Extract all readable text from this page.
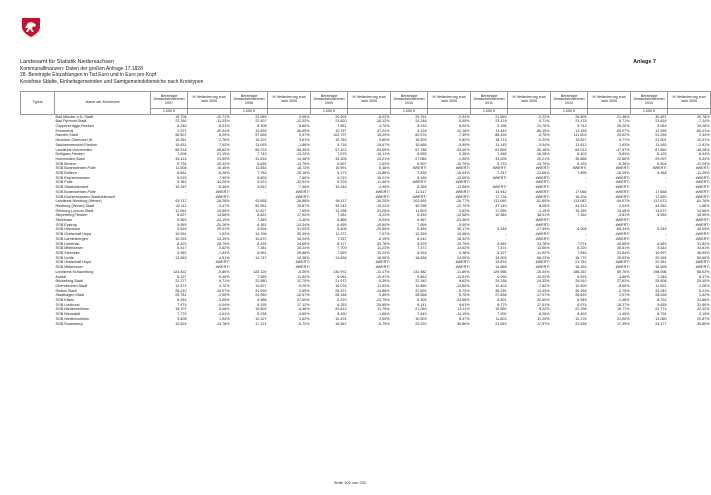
Anlage 7
Landesamt für Statistik Niedersachsen
Kommunalfinanzen: Daten der großen Anfrage 17.1828
28. Bereinigte Einzahlungen in Tsd Euro und in Euro pro Kopf
Kreisfreie Städte, Einheitsgemeinden und Samtgemeindebereiche nach Kreistypen
Typus	Name der Kommune	Bereinigte Gesamteinnahmen 2007	% Veränderung zum Jahr 2000	Bereinigte Gesamteinnahmen 2008	% Veränderung zum Jahr 2000	Bereinigte Gesamteinnahmen 2009	% Veränderung zum Jahr 2000	Bereinigte Gesamteinnahmen 2010	% Veränderung zum Jahr 2000	Bereinigte Gesamteinnahmen 2011	% Veränderung zum Jahr 2000	Bereinigte Gesamteinnahmen 2012	% Veränderung zum Jahr 2000	Bereinigte Gesamteinnahmen 2013	% Veränderung zum Jahr 2000
		1.000 €		1.000 €		1.000 €		1.000 €		1.000 €		1.000 €		1.000 €	
	Bad Münder a.D.,Stadt	19.706	-10,71%	22.089	0,06%	20.902	-8,02%	20.761	-3,34%	21.560	-2,22%	26.809	21,46%	30.487	40,78%
	Bad Pyrmont,Stadt	22.780	-11,23%	22.507	-12,33%	21.820	-18,12%	24.248	-5,55%	23.178	-9,71%	23.179	-9,71%	23.839	-7,14%
	Coppenbrügge,Flecken	8.246	8,51%	8.308	8,80%	7.961	4,70%	8.210	8,04%	9.196	21,75%	9.742	28,20%	9.064	19,28%
	Emmerthal	2.972	40,94%	10.835	46,99%	10.757	47,22%	9.128	-12,18%	11.440	-65,15%	13.155	-60,07%	12.996	-60,41%
	Hameln,Stadt	96.507	8,29%	97.696	9,57%	102.797	15,29%	82.576	-7,39%	88.494	-0,75%	111.603	25,52%	91.255	2,34%
	Hessisch Oldendorf,St.	19.261	2,76%	19.207	3,61%	19.783	5,80%	18.909	0,82%	18.713	-0,22%	19.837	5,77%	21.901	12,01%
	Salzhemmendorf,Flecken	10.831	7,53%	11.093	-1,86%	9.716	-15,47%	10.868	-5,99%	11.145	-3,04%	11.612	1,63%	11.160	-2,91%
	Landkreis Holzminden	56.518	-56,82%	55.374	-55,35%	57.422	-53,69%	57.786	-53,40%	61.804	-50,16%	65.013	-47,57%	67.860	-45,28%
	Delligsen,Flecken	7.606	21,15%	7.743	-13,22%	7.575	-15,11%	8.955	0,36%	7.468	-16,08%	8.403	-5,83%	8.125	-8,94%
	Holzminden,Stadt	34.414	24,59%	31.616	14,46%	34.306	24,21%	27.084	-1,95%	33.005	20,21%	35.888	22,66%	29.097	5,34%
	SGB Bevern	5.734	-10,32%	5.635	-11,79%	6.507	1,63%	5.907	-10,70%	5.733	-13,70%	6.193	-6,36%	5.804	-12,25%
	SGB Bodenwerder-Polle	11.508	15,45%	11.854	18,73%	10.991	8,38%	#WERT!	#WERT!	#WERT!	#WERT!	#WERT!	#WERT!	#WERT!	#WERT!
	SGB Boffzen	8.651	-6,26%	7.783	-15,16%	8.173	-13,86%	7.835	-16,93%	7.247	-23,06%	7.896	-16,19%	8.368	-11,25%
	SGB Eschershausen	5.975	7,90%	5.826	7,60%	6.213	15,21%	6.185	-13,59%	#WERT!	#WERT!	-	#WERT!	-	#WERT!
	SGB Polle	5.382	44,25%	4.973	-32,92%	5.378	-11,90%	#WERT!	#WERT!	-	#WERT!	-	#WERT!	-	#WERT!
	SGB Stadtoldendorf	10.187	-5,36%	9.812	-7,36%	10.346	-3,95%	8.365	-13,98%	#WERT!	#WERT!	-	#WERT!	-	#WERT!
	SGB Bodenwerder-Polle	-	#WERT!	-	#WERT!	-	#WERT!	11.617	#WERT!	14.942	#WERT!	17.066	#WERT!	17.668	#WERT!
	SGB Eschershausen-Stadtoldendorf	-	#WERT!	-	#WERT!	-	#WERT!	#WERT!	#WERT!	17.726	#WERT!	16.204	#WERT!	17.590	#WERT!
	Landkreis Nienburg (Weser)	93.717	-28,28%	93.855	-28,88%	95.117	-30,25%	102.593	-26,77%	111.060	-52,80%	113.087	-54,07%	117.673	-61,76%
	Nienburg (Weser),Stadt	42.111	-3,47%	50.551	15,87%	35.243	-19,22%	40.298	-12,70%	47.149	8,05%	44.513	2,03%	44.352	1,66%
	Rehburg-Loccum,Stadt	12.961	10,55%	12.627	7,65%	13.398	31,26%	11.803	0,62%	17.990	-1,15%	15.180	13,48%	13.672	14,58%
	Steyerberg,Flecken	8.827	14,66%	8.821	17,92%	7.281	-3,23%	6.453	-13,98%	10.384	38,01%	7.162	-4,81%	8.950	18,95%
	Stolzenau	5.563	-24,19%	7.883	-3,40%	6.868	-5,04%	6.967	-23,56%	-	#WERT!	-	#WERT!	-	#WERT!
	SGB Eystrup	5.959	-20,26%	6.351	-12,34%	6.459	-10,60%	7.999	-5,00%	-	#WERT!	-	#WERT!	-	#WERT!
	SGB Heemsen	5.618	29,01%	5.528	31,03%	5.406	-29,50%	5.454	30,17%	5.346	-27,59%	6.008	-65,34%	6.245	49,05%
	SGB Grafschaft Hoya	10.591	1,92%	14.196	35,39%	11.272	7,57%	12.539	19,66%	-	#WERT!	-	#WERT!	-	#WERT!
	SGB Landesbergen	10.933	14,39%	10.870	16,04%	7.257	-6,19%	8.242	18,32%	-	#WERT!	-	#WERT!	-	#WERT!
	SGB Liebenau	8.420	28,75%	8.225	24,65%	8.177	63,78%	5.978	19,70%	5.682	13,78%	7.074	40,55%	6.583	31,82%
	SGB Mittelweser	6.417	-3,62%	7.381	10,24%	7.709	11,23%	7.472	13,62%	7.474	13,66%	8.220	26,61%	9.444	43,61%
	SGB Steimbke	6.382	-7,83%	8.951	29,88%	7.659	11,13%	6.918	0,38%	6.127	-11,92%	7.846	13,84%	10.097	46,50%
	SGB Uchte	13.963	4,51%	14.747	10,38%	13.836	18,55%	16.638	24,09%	14.903	66,23%	16.770	25,53%	20.185	50,65%
	SGB Grafschaft Hoya	-	#WERT!	-	#WERT!	-	#WERT!	-	#WERT!	19.875	#WERT!	21.781	#WERT!	22.351	#WERT!
	SGB Mittelweser	-	#WERT!	-	#WERT!	-	#WERT!	-	#WERT!	14.968	#WERT!	18.262	#WERT!	16.598	#WERT!
	Landkreis Schaumburg	124.822	-5,85%	125.120	-6,20%	130.972	-11,17%	131.582	-11,69%	129.956	-10,34%	188.257	59,75%	198.006	68,02%
	Auetal	6.137	-9,46%	7.559	11,52%	6.061	-10,97%	5.862	-13,51%	6.090	-10,02%	6.515	-3,88%	7.345	8,37%
	Bückeburg,Stadt	22.377	9,71%	22.580	12,70%	21.972	5,39%	22.340	9,62%	25.338	24,33%	25.910	27,63%	25.506	25,40%
	Obernkirchen,Stadt	12.574	4,72%	10.627	-9,20%	16.076	11,53%	12.865	-13,50%	10.403	-7,62%	10.509	-6,65%	11.521	2,28%
	Rinteln,Stadt	28.210	-10,97%	31.999	0,69%	26.971	-14,88%	37.502	5,73%	36.230	14,34%	30.168	-4,79%	33.342	5,21%
	Stadthagen,Stadt	25.781	-1,90%	24.950	-10,57%	28.188	0,85%	28.568	8,70%	27.638	-17,07%	28.633	2,07%	28.028	1,62%
	SGB Eilsen	6.934	-3,05%	6.988	27,60%	5.370	-23,75%	5.309	-24,68%	8.501	20,60%	6.945	-1,48%	8.732	23,88%
	SGB Lindhorst	7.474	-0,04%	8.195	17,12%	6.253	-20,85%	8.141	8,61%	8.779	17,51%	8.974	15,37%	9.839	31,50%
	SGB Niedernwöhren	18.707	0,48%	19.802	6,46%	20.813	11,79%	21.059	13,11%	19.590	5,22%	22.298	19,77%	22.774	22,32%
	SGB Nienstädt	7.775	-4,51%	8.238	-4,60%	8.490	-1,66%	7.649	-11,19%	7.900	-8,26%	8.493	-1,40%	8.794	2,10%
	SGB Niedernwöhren	9.408	1,94%	10.327	3,62%	10.424	3,59%	10.903	8,37%	11.803	11,29%	12.176	21,00%	13.060	29,87%
	SGB Rodenberg	10.824	-13,78%	17.121	-8,72%	16.557	-8,79%	20.220	40,86%	21.653	17,97%	21.538	17,35%	24.477	35,80%
Seite 102 von 232
